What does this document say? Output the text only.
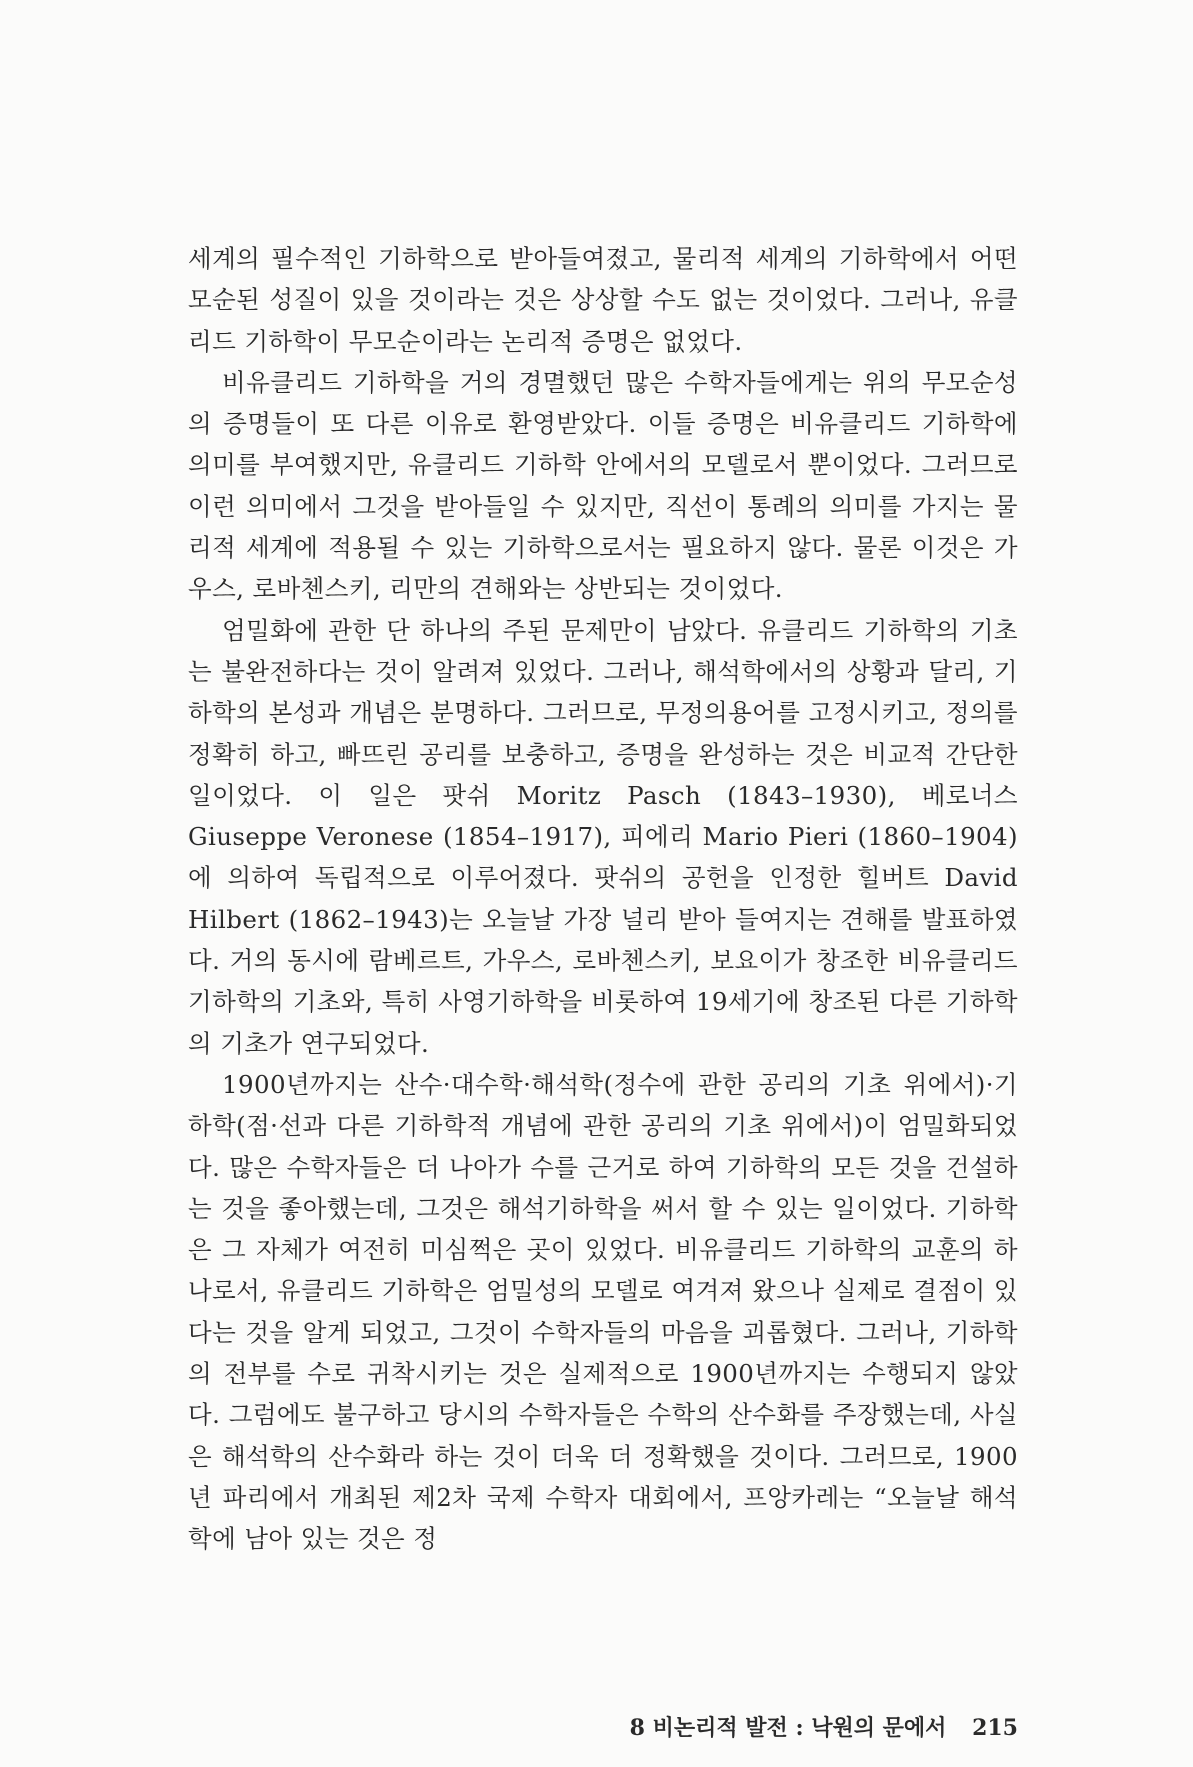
세계의 필수적인 기하학으로 받아들여졌고, 물리적 세계의 기하학에서 어떤 모순된 성질이 있을 것이라는 것은 상상할 수도 없는 것이었다. 그러나, 유클리드 기하학이 무모순이라는 논리적 증명은 없었다.

비유클리드 기하학을 거의 경멸했던 많은 수학자들에게는 위의 무모순성의 증명들이 또 다른 이유로 환영받았다. 이들 증명은 비유클리드 기하학에 의미를 부여했지만, 유클리드 기하학 안에서의 모델로서 뿐이었다. 그러므로 이런 의미에서 그것을 받아들일 수 있지만, 직선이 통례의 의미를 가지는 물리적 세계에 적용될 수 있는 기하학으로서는 필요하지 않다. 물론 이것은 가우스, 로바첸스키, 리만의 견해와는 상반되는 것이었다.

엄밀화에 관한 단 하나의 주된 문제만이 남았다. 유클리드 기하학의 기초는 불완전하다는 것이 알려져 있었다. 그러나, 해석학에서의 상황과 달리, 기하학의 본성과 개념은 분명하다. 그러므로, 무정의용어를 고정시키고, 정의를 정확히 하고, 빠뜨린 공리를 보충하고, 증명을 완성하는 것은 비교적 간단한 일이었다. 이 일은 팟쉬 Moritz Pasch (1843–1930), 베로너스 Giuseppe Veronese (1854–1917), 피에리 Mario Pieri (1860–1904)에 의하여 독립적으로 이루어졌다. 팟쉬의 공헌을 인정한 힐버트 David Hilbert (1862–1943)는 오늘날 가장 널리 받아 들여지는 견해를 발표하였다. 거의 동시에 람베르트, 가우스, 로바첸스키, 보요이가 창조한 비유클리드 기하학의 기초와, 특히 사영기하학을 비롯하여 19세기에 창조된 다른 기하학의 기초가 연구되었다.

1900년까지는 산수·대수학·해석학(정수에 관한 공리의 기초 위에서)·기하학(점·선과 다른 기하학적 개념에 관한 공리의 기초 위에서)이 엄밀화되었다. 많은 수학자들은 더 나아가 수를 근거로 하여 기하학의 모든 것을 건설하는 것을 좋아했는데, 그것은 해석기하학을 써서 할 수 있는 일이었다. 기하학은 그 자체가 여전히 미심쩍은 곳이 있었다. 비유클리드 기하학의 교훈의 하나로서, 유클리드 기하학은 엄밀성의 모델로 여겨져 왔으나 실제로 결점이 있다는 것을 알게 되었고, 그것이 수학자들의 마음을 괴롭혔다. 그러나, 기하학의 전부를 수로 귀착시키는 것은 실제적으로 1900년까지는 수행되지 않았다. 그럼에도 불구하고 당시의 수학자들은 수학의 산수화를 주장했는데, 사실은 해석학의 산수화라 하는 것이 더욱 더 정확했을 것이다. 그러므로, 1900년 파리에서 개최된 제2차 국제 수학자 대회에서, 프앙카레는 “오늘날 해석학에 남아 있는 것은 정

8 비논리적 발전 : 낙원의 문에서 215
